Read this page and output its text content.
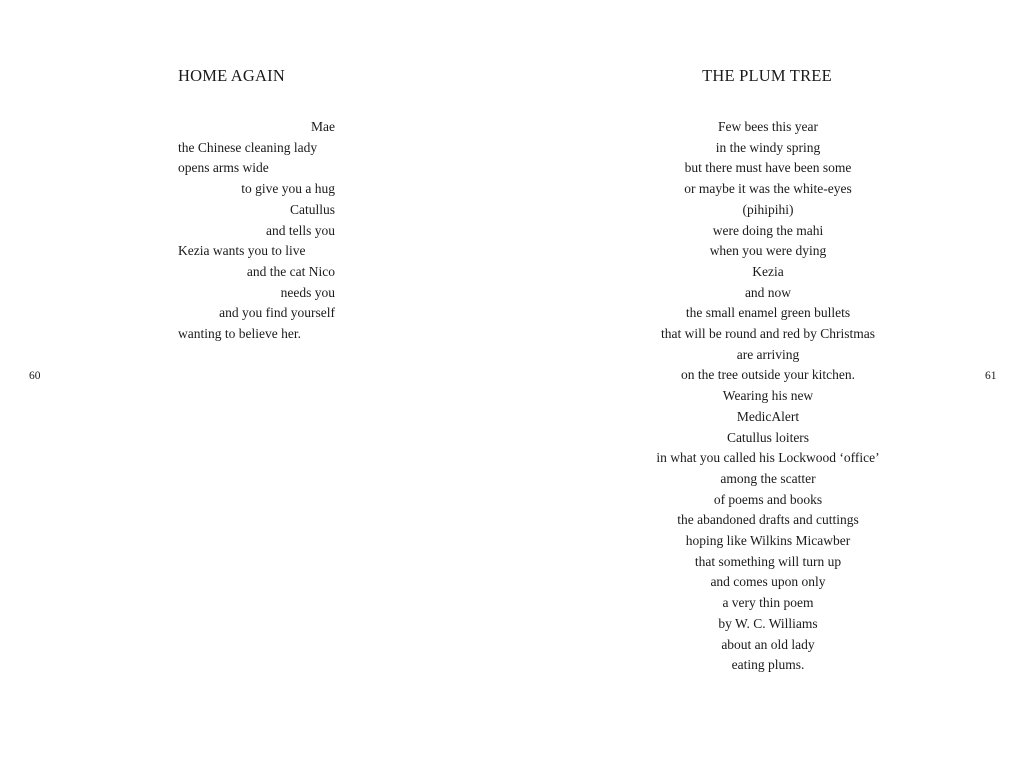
HOME AGAIN
Mae
the Chinese cleaning lady
opens arms wide
to give you a hug
Catullus
and tells you
Kezia wants you to live
and the cat Nico
needs you
and you find yourself
wanting to believe her.
60
THE PLUM TREE
Few bees this year
in the windy spring
but there must have been some
or maybe it was the white-eyes
(pihipihi)
were doing the mahi
when you were dying
Kezia
and now
the small enamel green bullets
that will be round and red by Christmas
are arriving
on the tree outside your kitchen.
Wearing his new
MedicAlert
Catullus loiters
in what you called his Lockwood ‘office’
among the scatter
of poems and books
the abandoned drafts and cuttings
hoping like Wilkins Micawber
that something will turn up
and comes upon only
a very thin poem
by W. C. Williams
about an old lady
eating plums.
61
